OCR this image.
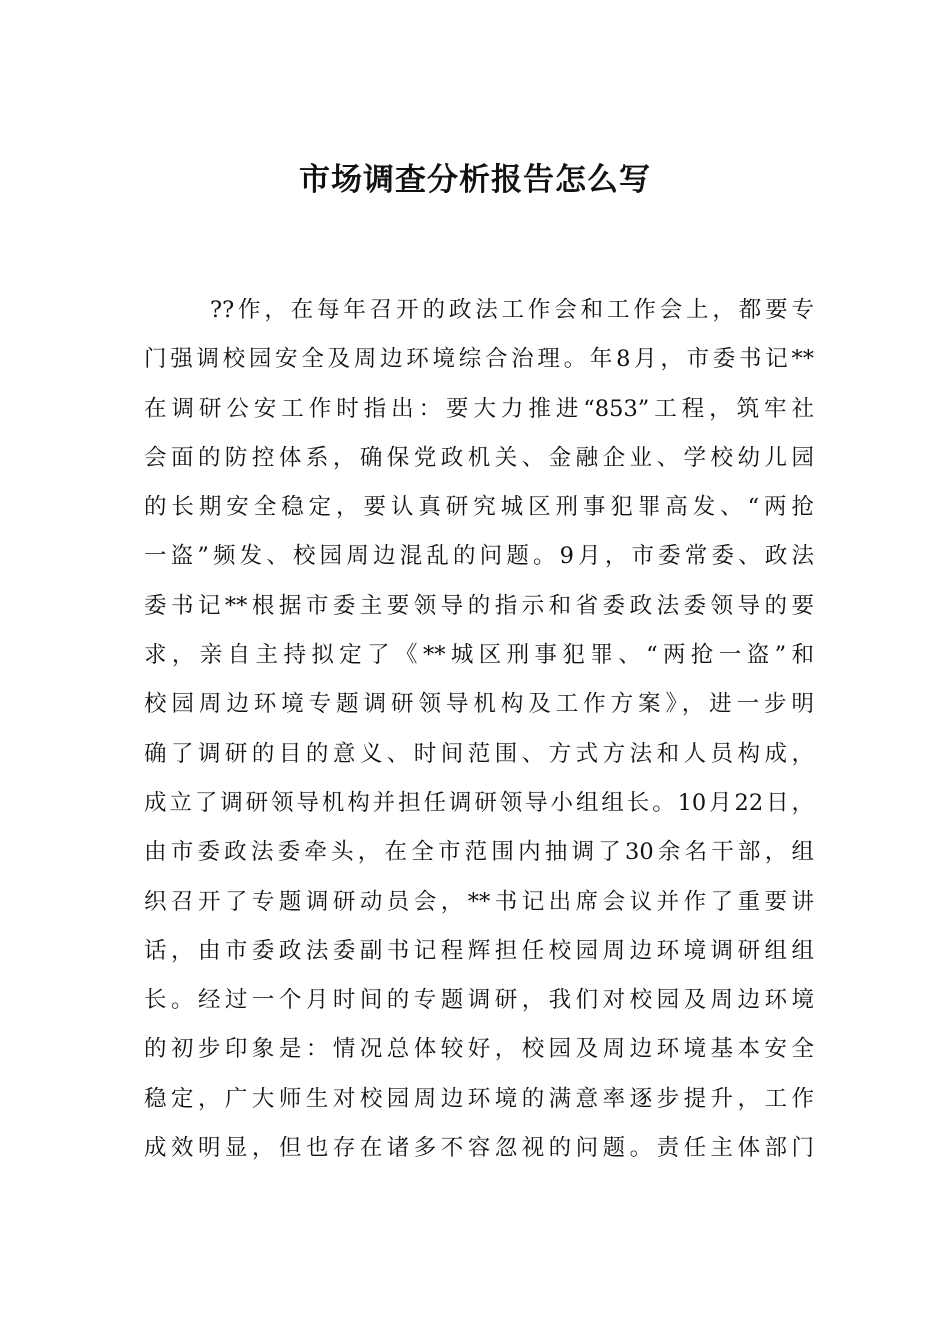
市场调查分析报告怎么写
??作，在每年召开的政法工作会和工作会上，都要专
门强调校园安全及周边环境综合治理。年8月，市委书记**
在调研公安工作时指出：要大力推进“853”工程，筑牢社
会面的防控体系，确保党政机关、金融企业、学校幼儿园
的长期安全稳定，要认真研究城区刑事犯罪高发、“两抢
一盗”频发、校园周边混乱的问题。9月，市委常委、政法
委书记**根据市委主要领导的指示和省委政法委领导的要
求，亲自主持拟定了《**城区刑事犯罪、“两抢一盗”和
校园周边环境专题调研领导机构及工作方案》，进一步明
确了调研的目的意义、时间范围、方式方法和人员构成，
成立了调研领导机构并担任调研领导小组组长。10月22日，
由市委政法委牵头，在全市范围内抽调了30余名干部，组
织召开了专题调研动员会，**书记出席会议并作了重要讲
话，由市委政法委副书记程辉担任校园周边环境调研组组
长。经过一个月时间的专题调研，我们对校园及周边环境
的初步印象是：情况总体较好，校园及周边环境基本安全
稳定，广大师生对校园周边环境的满意率逐步提升，工作
成效明显，但也存在诸多不容忽视的问题。责任主体部门
